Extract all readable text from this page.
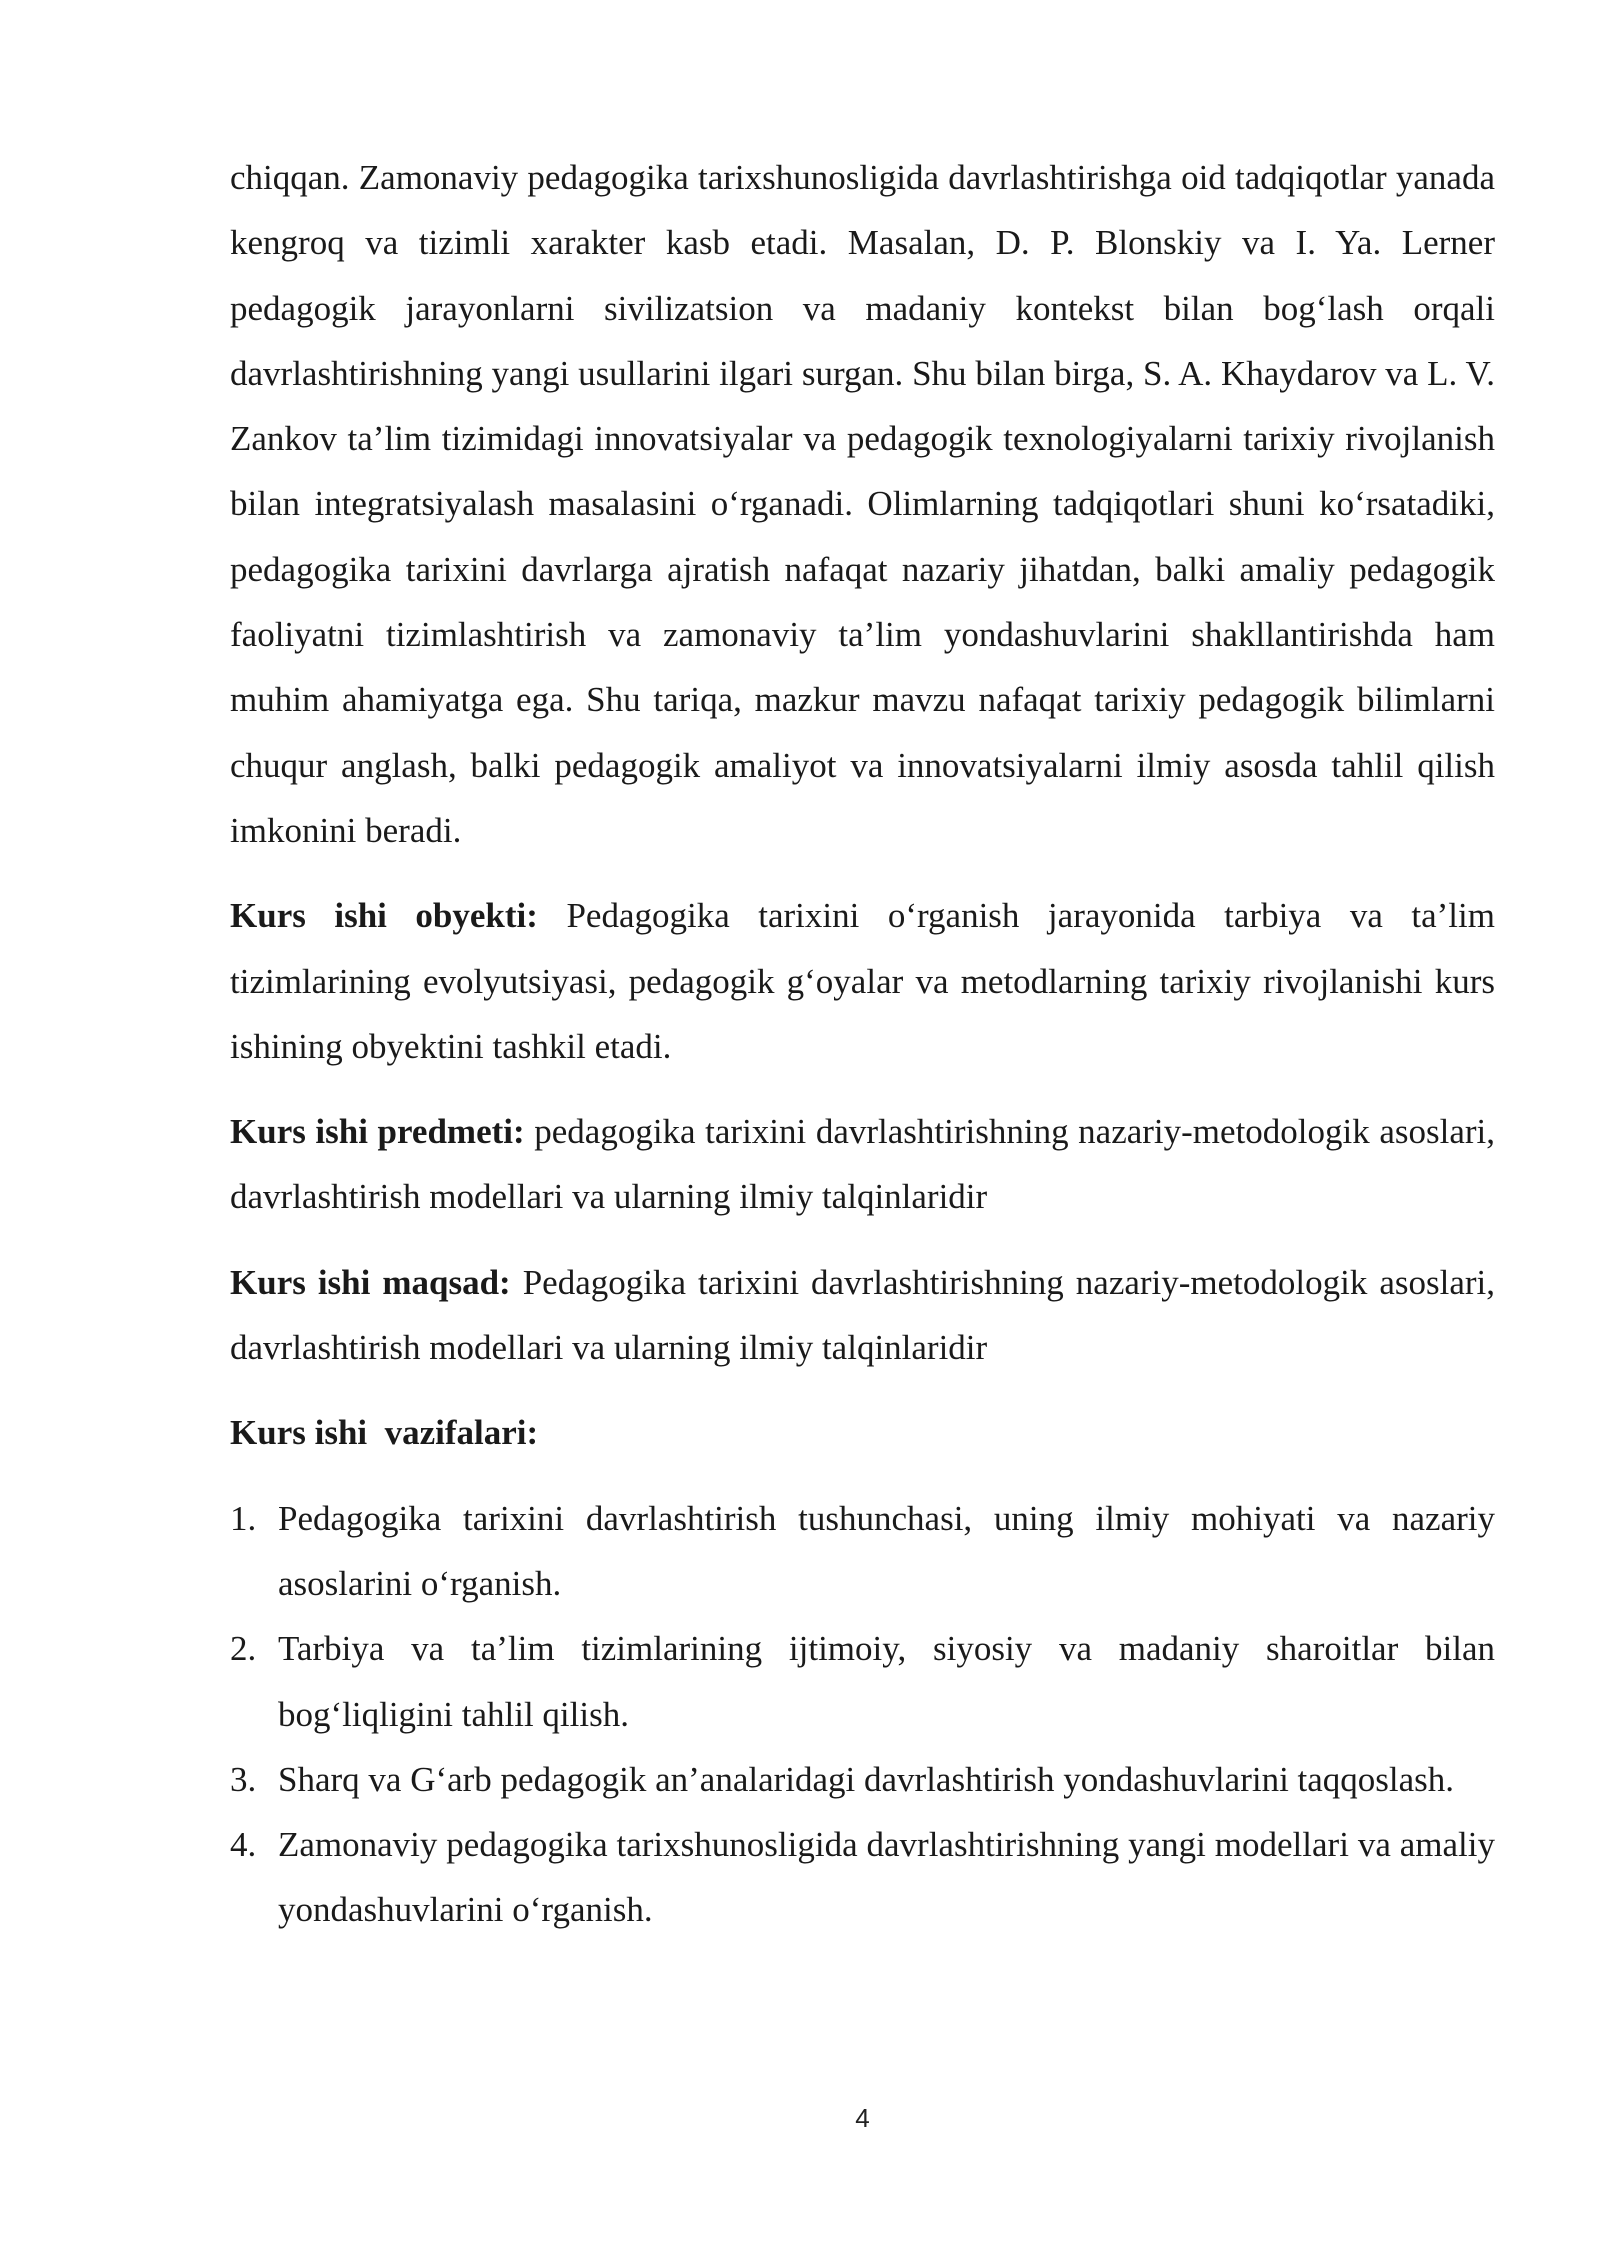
chiqqan. Zamonaviy pedagogika tarixshunosligida davrlashtirishga oid tadqiqotlar yanada kengroq va tizimli xarakter kasb etadi. Masalan, D. P. Blonskiy va I. Ya. Lerner pedagogik jarayonlarni sivilizatsion va madaniy kontekst bilan bog‘lash orqali davrlashtirishning yangi usullarini ilgari surgan. Shu bilan birga, S. A. Khaydarov va L. V. Zankov ta’lim tizimidagi innovatsiyalar va pedagogik texnologiyalarni tarixiy rivojlanish bilan integratsiyalash masalasini o‘rganadi. Olimlarning tadqiqotlari shuni ko‘rsatadiki, pedagogika tarixini davrlarga ajratish nafaqat nazariy jihatdan, balki amaliy pedagogik faoliyatni tizimlashtirish va zamonaviy ta’lim yondashuvlarini shakllantirishda ham muhim ahamiyatga ega. Shu tariqa, mazkur mavzu nafaqat tarixiy pedagogik bilimlarni chuqur anglash, balki pedagogik amaliyot va innovatsiyalarni ilmiy asosda tahlil qilish imkonini beradi.

Kurs ishi obyekti: Pedagogika tarixini o‘rganish jarayonida tarbiya va ta’lim tizimlarining evolyutsiyasi, pedagogik g‘oyalar va metodlarning tarixiy rivojlanishi kurs ishining obyektini tashkil etadi.

Kurs ishi predmeti: pedagogika tarixini davrlashtirishning nazariy-metodologik asoslari, davrlashtirish modellari va ularning ilmiy talqinlaridir

Kurs ishi maqsad: Pedagogika tarixini davrlashtirishning nazariy-metodologik asoslari, davrlashtirish modellari va ularning ilmiy talqinlaridir

Kurs ishi  vazifalari:

1. Pedagogika tarixini davrlashtirish tushunchasi, uning ilmiy mohiyati va nazariy asoslarini o‘rganish.
2. Tarbiya va ta’lim tizimlarining ijtimoiy, siyosiy va madaniy sharoitlar bilan bog‘liqligini tahlil qilish.
3. Sharq va G‘arb pedagogik an’analaridagi davrlashtirish yondashuvlarini taqqoslash.
4. Zamonaviy pedagogika tarixshunosligida davrlashtirishning yangi modellari va amaliy yondashuvlarini o‘rganish.
4
